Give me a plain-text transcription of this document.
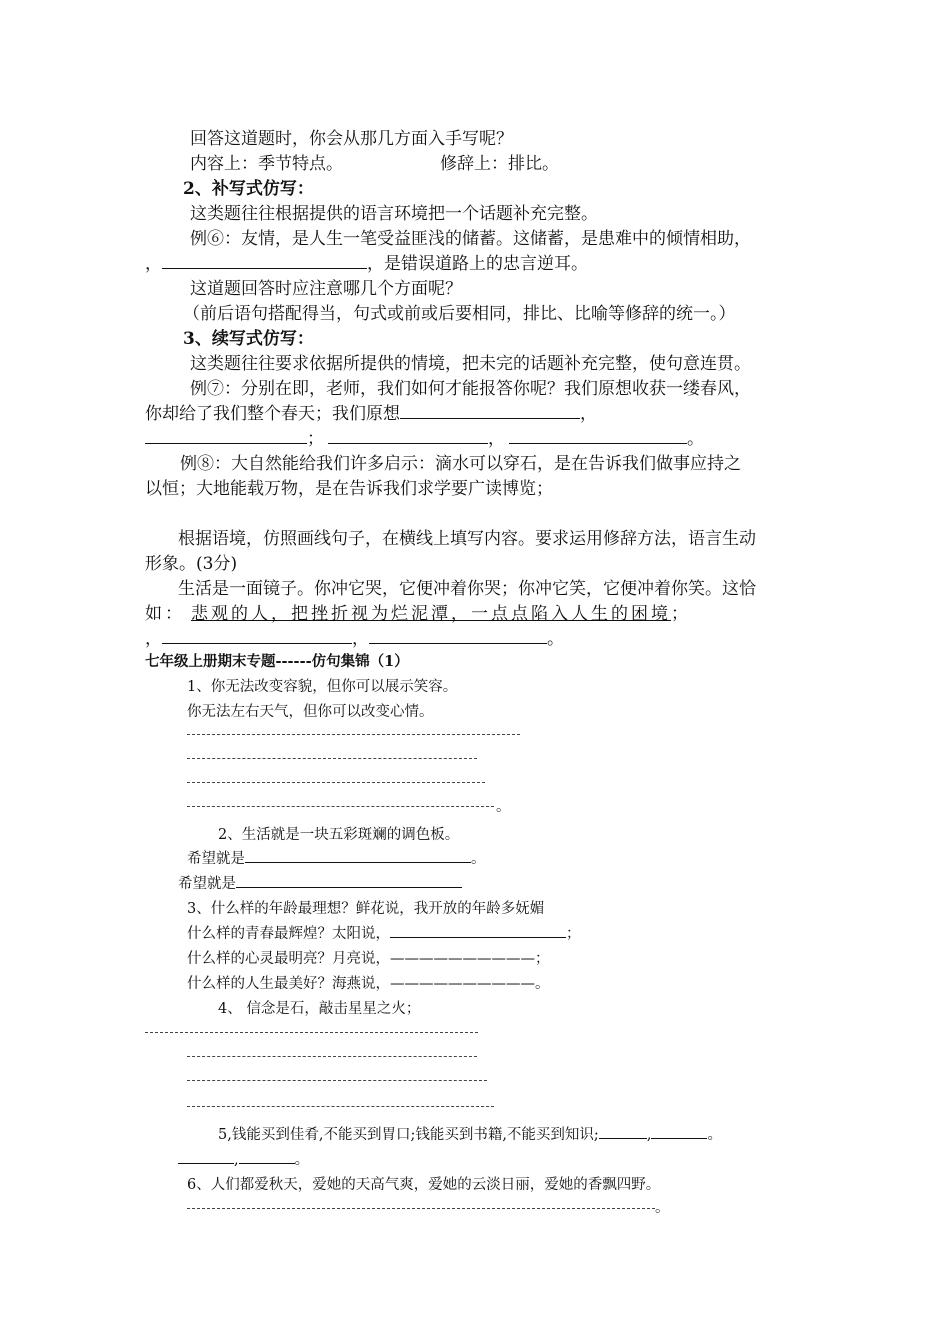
回答这道题时，你会从那几方面入手写呢？
内容上：季节特点。	修辞上：排比。
2、补写式仿写：
这类题往往根据提供的语言环境把一个话题补充完整。
例⑥：友情，是人生一笔受益匪浅的储蓄。这储蓄，是患难中的倾情相助，
，	，是错误道路上的忠言逆耳。
这道题回答时应注意哪几个方面呢？
（前后语句搭配得当，句式或前或后要相同，排比、比喻等修辞的统一。）
3、续写式仿写：
这类题往往要求依据所提供的情境，把未完的话题补充完整，使句意连贯。
例⑦：分别在即，老师，我们如何才能报答你呢？我们原想收获一缕春风，
你却给了我们整个春天；我们原想	，
；	，	。
例⑧：大自然能给我们许多启示：滴水可以穿石，是在告诉我们做事应持之
以恒；大地能载万物，是在告诉我们求学要广读博览；
根据语境，仿照画线句子，在横线上填写内容。要求运用修辞方法，语言生动
形象。(3分)
生活是一面镜子。你冲它哭，它便冲着你哭；你冲它笑，它便冲着你笑。这恰
如： 悲观的人，把挫折视为烂泥潭，一点点陷入人生的困境；
，	，	。
七年级上册期末专题------仿句集锦（1）
1、你无法改变容貌，但你可以展示笑容。
你无法左右天气，但你可以改变心情。
。
2、生活就是一块五彩斑斓的调色板。
希望就是	。
希望就是
3、什么样的年龄最理想？鲜花说，我开放的年龄多妩媚
什么样的青春最辉煌？太阳说，	；
什么样的心灵最明亮？月亮说，——————————；
什么样的人生最美好？海燕说，——————————。
4、 信念是石，敲击星星之火；
5,钱能买到佳肴,不能买到胃口;钱能买到书籍,不能买到知识;	,	。
,	。
6、人们都爱秋天，爱她的天高气爽，爱她的云淡日丽，爱她的香飘四野。
。
